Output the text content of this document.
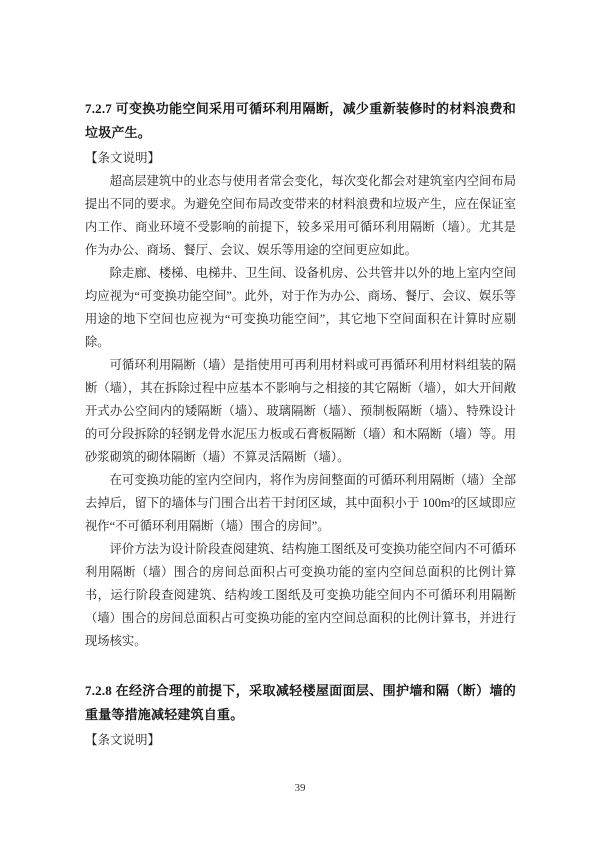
7.2.7 可变换功能空间采用可循环利用隔断，减少重新装修时的材料浪费和垃圾产生。
【条文说明】

超高层建筑中的业态与使用者常会变化，每次变化都会对建筑室内空间布局提出不同的要求。为避免空间布局改变带来的材料浪费和垃圾产生，应在保证室内工作、商业环境不受影响的前提下，较多采用可循环利用隔断（墙）。尤其是作为办公、商场、餐厅、会议、娱乐等用途的空间更应如此。

除走廊、楼梯、电梯井、卫生间、设备机房、公共管井以外的地上室内空间均应视为“可变换功能空间”。此外，对于作为办公、商场、餐厅、会议、娱乐等用途的地下空间也应视为“可变换功能空间”，其它地下空间面积在计算时应剔除。

可循环利用隔断（墙）是指使用可再利用材料或可再循环利用材料组装的隔断（墙），其在拆除过程中应基本不影响与之相接的其它隔断（墙），如大开间敞开式办公空间内的矮隔断（墙）、玻璃隔断（墙）、预制板隔断（墙）、特殊设计的可分段拆除的轻钢龙骨水泥压力板或石膏板隔断（墙）和木隔断（墙）等。用砂浆砌筑的砌体隔断（墙）不算灵活隔断（墙）。

在可变换功能的室内空间内，将作为房间整面的可循环利用隔断（墙）全部去掉后，留下的墙体与门围合出若干封闭区域，其中面积小于 100m²的区域即应视作“不可循环利用隔断（墙）围合的房间”。

评价方法为设计阶段查阅建筑、结构施工图纸及可变换功能空间内不可循环利用隔断（墙）围合的房间总面积占可变换功能的室内空间总面积的比例计算书，运行阶段查阅建筑、结构竣工图纸及可变换功能空间内不可循环利用隔断（墙）围合的房间总面积占可变换功能的室内空间总面积的比例计算书，并进行现场核实。

7.2.8 在经济合理的前提下，采取减轻楼屋面面层、围护墙和隔（断）墙的重量等措施减轻建筑自重。
【条文说明】
39
